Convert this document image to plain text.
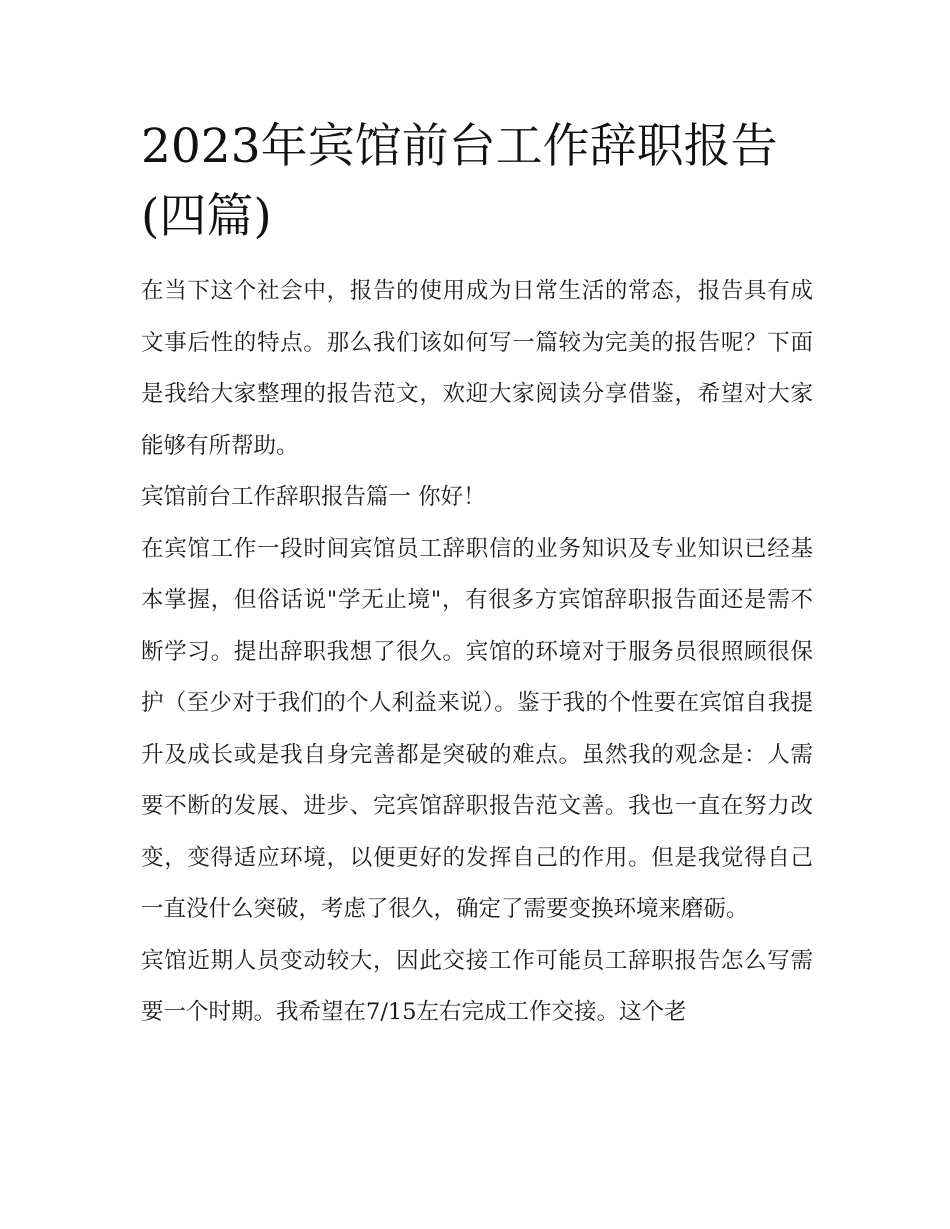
2023年宾馆前台工作辞职报告(四篇)

在当下这个社会中，报告的使用成为日常生活的常态，报告具有成文事后性的特点。那么我们该如何写一篇较为完美的报告呢？下面是我给大家整理的报告范文，欢迎大家阅读分享借鉴，希望对大家能够有所帮助。

宾馆前台工作辞职报告篇一 你好！

在宾馆工作一段时间宾馆员工辞职信的业务知识及专业知识已经基本掌握，但俗话说"学无止境"，有很多方宾馆辞职报告面还是需不断学习。提出辞职我想了很久。宾馆的环境对于服务员很照顾很保护（至少对于我们的个人利益来说）。鉴于我的个性要在宾馆自我提升及成长或是我自身完善都是突破的难点。虽然我的观念是：人需要不断的发展、进步、完宾馆辞职报告范文善。我也一直在努力改变，变得适应环境，以便更好的发挥自己的作用。但是我觉得自己一直没什么突破，考虑了很久，确定了需要变换环境来磨砺。

宾馆近期人员变动较大，因此交接工作可能员工辞职报告怎么写需要一个时期。我希望在7/15左右完成工作交接。这个老
